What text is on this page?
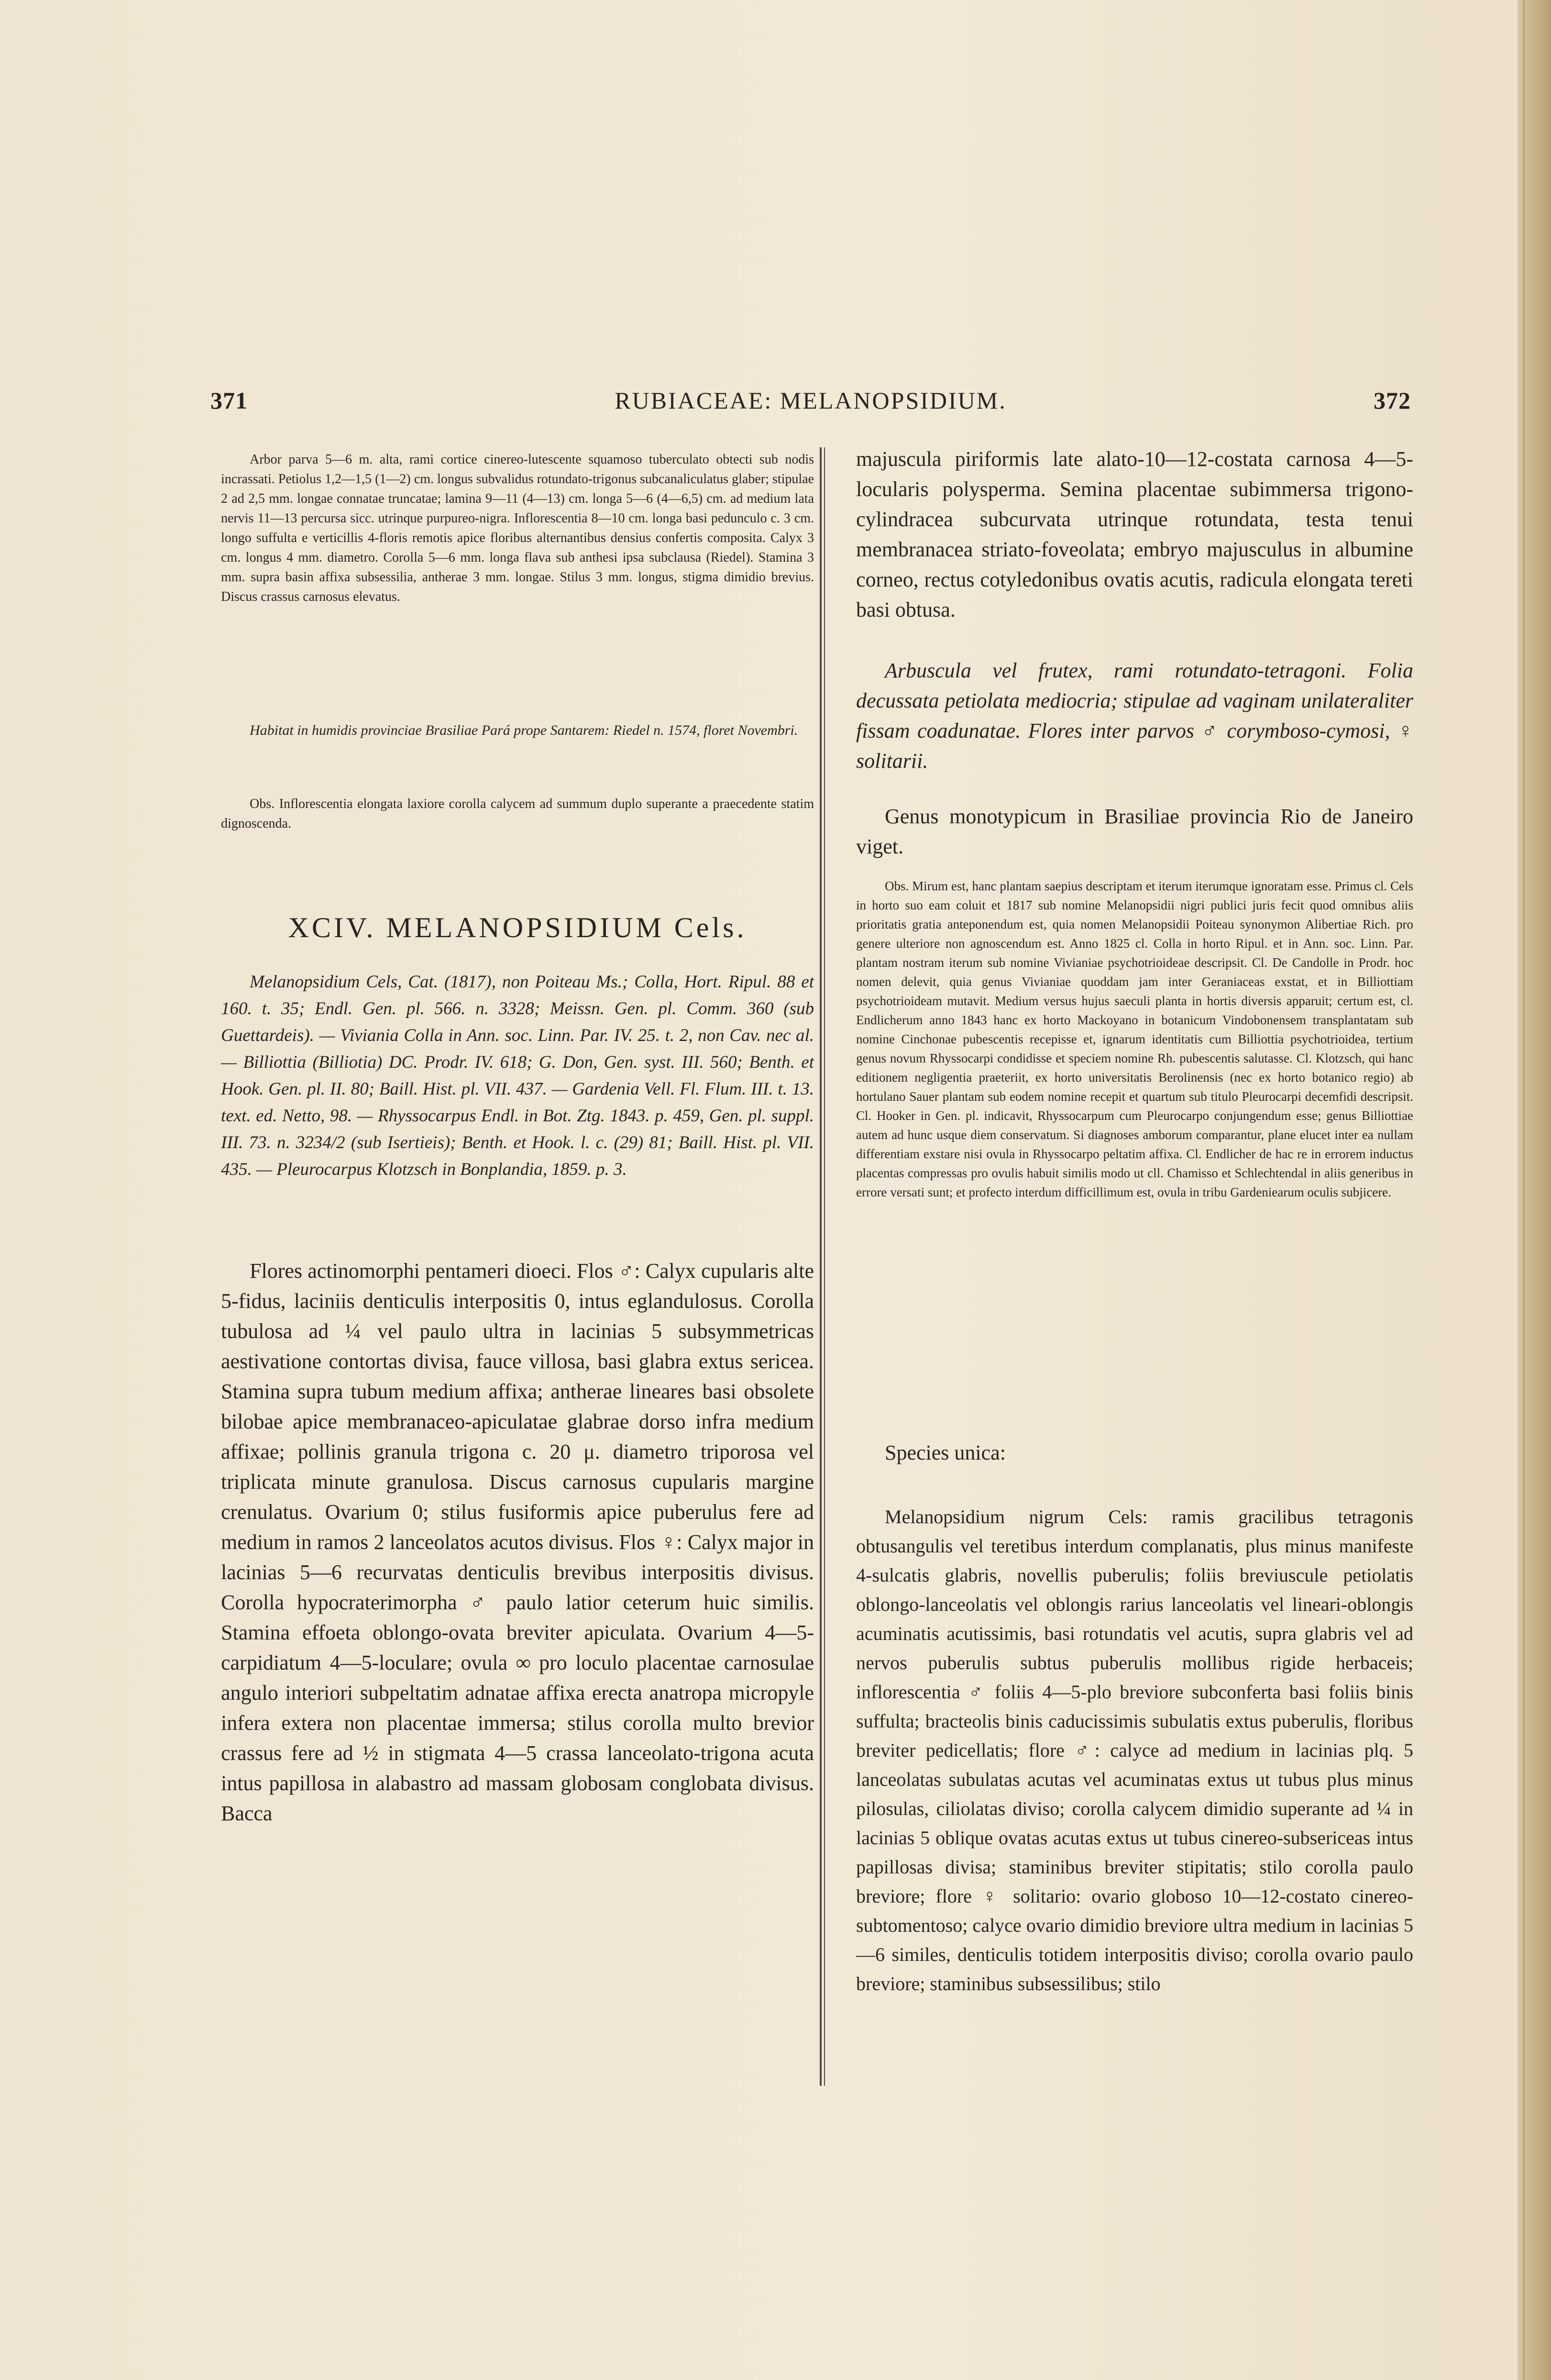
371	RUBIACEAE: MELANOPSIDIUM.	372

Arbor parva 5—6 m. alta, rami cortice cinereo-lutescente squamoso tuberculato obtecti sub nodis incrassati. Petiolus 1,2—1,5 (1—2) cm. longus subvalidus rotundato-trigonus subcanaliculatus glaber; stipulae 2 ad 2,5 mm. longae connatae truncatae; lamina 9—11 (4—13) cm. longa 5—6 (4—6,5) cm. ad medium lata nervis 11—13 percursa sicc. utrinque purpureo-nigra. Inflorescentia 8—10 cm. longa basi pedunculo c. 3 cm. longo suffulta e verticillis 4-floris remotis apice floribus alternantibus densius confertis composita. Calyx 3 cm. longus 4 mm. diametro. Corolla 5—6 mm. longa flava sub anthesi ipsa subclausa (Riedel). Stamina 3 mm. supra basin affixa subsessilia, antherae 3 mm. longae. Stilus 3 mm. longus, stigma dimidio brevius. Discus crassus carnosus elevatus.

Habitat in humidis provinciae Brasiliae Pará prope Santarem: Riedel n. 1574, floret Novembri.

Obs. Inflorescentia elongata laxiore corolla calycem ad summum duplo superante a praecedente statim dignoscenda.

XCIV. MELANOPSIDIUM Cels.

Melanopsidium Cels, Cat. (1817), non Poiteau Ms.; Colla, Hort. Ripul. 88 et 160. t. 35; Endl. Gen. pl. 566. n. 3328; Meissn. Gen. pl. Comm. 360 (sub Guettardeis). — Viviania Colla in Ann. soc. Linn. Par. IV. 25. t. 2, non Cav. nec al. — Billiottia (Billiotia) DC. Prodr. IV. 618; G. Don, Gen. syst. III. 560; Benth. et Hook. Gen. pl. II. 80; Baill. Hist. pl. VII. 437. — Gardenia Vell. Fl. Flum. III. t. 13. text. ed. Netto, 98. — Rhyssocarpus Endl. in Bot. Ztg. 1843. p. 459, Gen. pl. suppl. III. 73. n. 3234/2 (sub Isertieis); Benth. et Hook. l. c. (29) 81; Baill. Hist. pl. VII. 435. — Pleurocarpus Klotzsch in Bonplandia, 1859. p. 3.

Flores actinomorphi pentameri dioeci. Flos ♂: Calyx cupularis alte 5-fidus, laciniis denticulis interpositis 0, intus eglandulosus. Corolla tubulosa ad ¼ vel paulo ultra in lacinias 5 subsymmetricas aestivatione contortas divisa, fauce villosa, basi glabra extus sericea. Stamina supra tubum medium affixa; antherae lineares basi obsolete bilobae apice membranaceo-apiculatae glabrae dorso infra medium affixae; pollinis granula trigona c. 20 μ. diametro triporosa vel triplicata minute granulosa. Discus carnosus cupularis margine crenulatus. Ovarium 0; stilus fusiformis apice puberulus fere ad medium in ramos 2 lanceolatos acutos divisus. Flos ♀: Calyx major in lacinias 5—6 recurvatas denticulis brevibus interpositis divisus. Corolla hypocraterimorpha ♂ paulo latior ceterum huic similis. Stamina effoeta oblongo-ovata breviter apiculata. Ovarium 4—5-carpidiatum 4—5-loculare; ovula ∞ pro loculo placentae carnosulae angulo interiori subpeltatim adnatae affixa erecta anatropa micropyle infera extera non placentae immersa; stilus corolla multo brevior crassus fere ad ½ in stigmata 4—5 crassa lanceolato-trigona acuta intus papillosa in alabastro ad massam globosam conglobata divisus. Bacca

majuscula piriformis late alato-10—12-costata carnosa 4—5-locularis polysperma. Semina placentae subimmersa trigono-cylindracea subcurvata utrinque rotundata, testa tenui membranacea striato-foveolata; embryo majusculus in albumine corneo, rectus cotyledonibus ovatis acutis, radicula elongata tereti basi obtusa.

Arbuscula vel frutex, rami rotundato-tetragoni. Folia decussata petiolata mediocria; stipulae ad vaginam unilateraliter fissam coadunatae. Flores inter parvos ♂ corymboso-cymosi, ♀ solitarii.

Genus monotypicum in Brasiliae provincia Rio de Janeiro viget.

Obs. Mirum est, hanc plantam saepius descriptam et iterum iterumque ignoratam esse. Primus cl. Cels in horto suo eam coluit et 1817 sub nomine Melanopsidii nigri publici juris fecit quod omnibus aliis prioritatis gratia anteponendum est, quia nomen Melanopsidii Poiteau synonymon Alibertiae Rich. pro genere ulteriore non agnoscendum est. Anno 1825 cl. Colla in horto Ripul. et in Ann. soc. Linn. Par. plantam nostram iterum sub nomine Vivianiae psychotrioideae descripsit. Cl. De Candolle in Prodr. hoc nomen delevit, quia genus Vivianiae quoddam jam inter Geraniaceas exstat, et in Billiottiam psychotrioideam mutavit. Medium versus hujus saeculi planta in hortis diversis apparuit; certum est, cl. Endlicherum anno 1843 hanc ex horto Mackoyano in botanicum Vindobonensem transplantatam sub nomine Cinchonae pubescentis recepisse et, ignarum identitatis cum Billiottia psychotrioidea, tertium genus novum Rhyssocarpi condidisse et speciem nomine Rh. pubescentis salutasse. Cl. Klotzsch, qui hanc editionem negligentia praeteriit, ex horto universitatis Berolinensis (nec ex horto botanico regio) ab hortulano Sauer plantam sub eodem nomine recepit et quartum sub titulo Pleurocarpi decemfidi descripsit. Cl. Hooker in Gen. pl. indicavit, Rhyssocarpum cum Pleurocarpo conjungendum esse; genus Billiottiae autem ad hunc usque diem conservatum. Si diagnoses amborum comparantur, plane elucet inter ea nullam differentiam exstare nisi ovula in Rhyssocarpo peltatim affixa. Cl. Endlicher de hac re in errorem inductus placentas compressas pro ovulis habuit similis modo ut cll. Chamisso et Schlechtendal in aliis generibus in errore versati sunt; et profecto interdum difficillimum est, ovula in tribu Gardeniearum oculis subjicere.

Species unica:

Melanopsidium nigrum Cels: ramis gracilibus tetragonis obtusangulis vel teretibus interdum complanatis, plus minus manifeste 4-sulcatis glabris, novellis puberulis; foliis breviuscule petiolatis oblongo-lanceolatis vel oblongis rarius lanceolatis vel lineari-oblongis acuminatis acutissimis, basi rotundatis vel acutis, supra glabris vel ad nervos puberulis subtus puberulis mollibus rigide herbaceis; inflorescentia ♂ foliis 4—5-plo breviore subconferta basi foliis binis suffulta; bracteolis binis caducissimis subulatis extus puberulis, floribus breviter pedicellatis; flore ♂: calyce ad medium in lacinias plq. 5 lanceolatas subulatas acutas vel acuminatas extus ut tubus plus minus pilosulas, ciliolatas diviso; corolla calycem dimidio superante ad ¼ in lacinias 5 oblique ovatas acutas extus ut tubus cinereo-subsericeas intus papillosas divisa; staminibus breviter stipitatis; stilo corolla paulo breviore; flore ♀ solitario: ovario globoso 10—12-costato cinereo-subtomentoso; calyce ovario dimidio breviore ultra medium in lacinias 5—6 similes, denticulis totidem interpositis diviso; corolla ovario paulo breviore; staminibus subsessilibus; stilo
